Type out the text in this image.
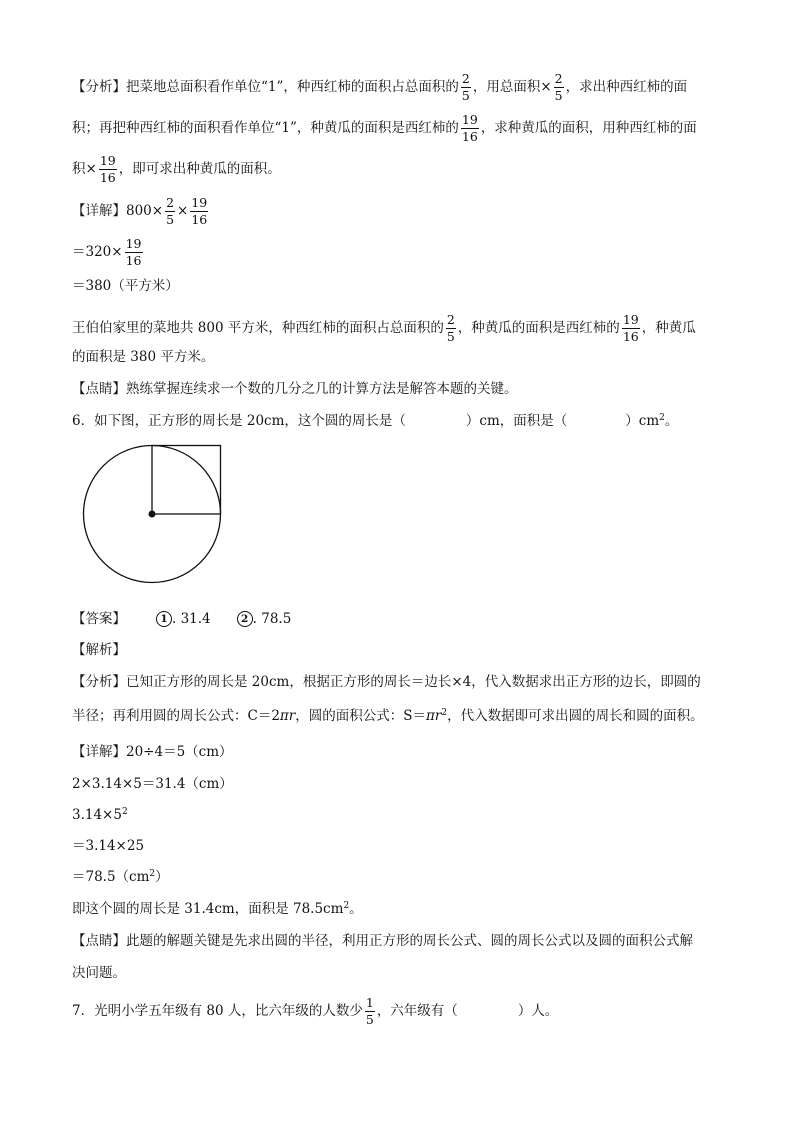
【分析】把菜地总面积看作单位“1”，种西红柿的面积占总面积的 $\frac{2}{5}$ ，用总面积× $\frac{2}{5}$ ，求出种西红柿的面
积；再把种西红柿的面积看作单位“1”，种黄瓜的面积是西红柿的 $\frac{19}{16}$ ，求种黄瓜的面积，用种西红柿的面
积× $\frac{19}{16}$ ，即可求出种黄瓜的面积。
【详解】$800\times \frac{2}{5} \times \frac{19}{16}$
$=320\times \frac{19}{16}$
＝380（平方米）
王伯伯家里的菜地共 800 平方米，种西红柿的面积占总面积的 $\frac{2}{5}$ ，种黄瓜的面积是西红柿的 $\frac{19}{16}$ ，种黄瓜
的面积是 380 平方米。
【点睛】熟练掌握连续求一个数的几分之几的计算方法是解答本题的关键。
6．如下图，正方形的周长是 20cm，这个圆的周长是（	）cm，面积是（	）$cm^2$。
【答案】	1 . 31.4	2 . 78.5
【解析】
【分析】已知正方形的周长是 20cm，根据正方形的周长＝边长×4，代入数据求出正方形的边长，即圆的
半径；再利用圆的周长公式：C＝2πr，圆的面积公式：$S=\pi r^2$，代入数据即可求出圆的周长和圆的面积。
【详解】20÷4＝5（cm）
2×3.14×5＝31.4（cm）
$3.14\times 5^2$
＝3.14×25
$=78.5(cm^2)$
即这个圆的周长是 31.4cm，面积是 $78.5cm^2$。
【点睛】此题的解题关键是先求出圆的半径，利用正方形的周长公式、圆的周长公式以及圆的面积公式解
决问题。
7．光明小学五年级有 80 人，比六年级的人数少 $\frac{1}{5}$ ，六年级有（	）人。
